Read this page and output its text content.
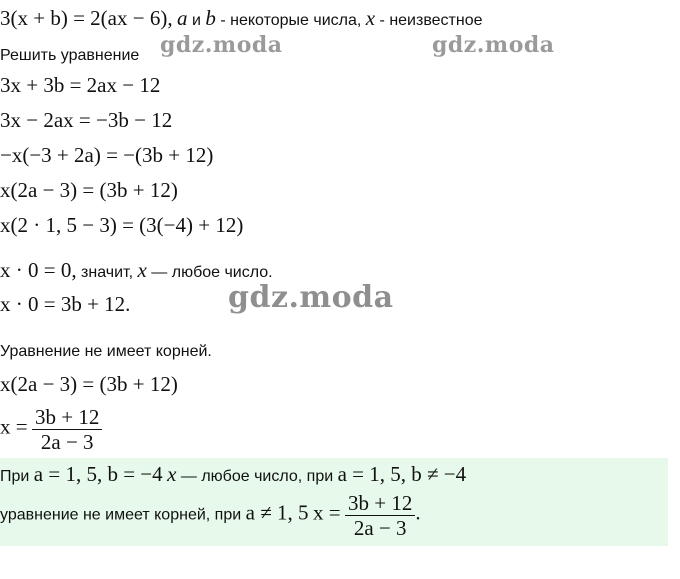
3(x + b) = 2(ax − 6), a и b - некоторые числа, x - неизвестное
Решить уравнение gdz.moda	gdz.moda
3x + 3b = 2ax − 12
3x − 2ax = −3b − 12
−x(−3 + 2a) = −(3b + 12)
x(2a − 3) = (3b + 12)
x(2 · 1, 5 − 3) = (3(−4) + 12)
x · 0 = 0, значит, x — любое число.
x · 0 = 3b + 12.	gdz.moda
Уравнение не имеет корней.
x(2a − 3) = (3b + 12)
$x = \frac{3b + 12}{2a - 3}$
При a = 1, 5, b = −4 x — любое число, при a = 1, 5, b ≠ −4
уравнение не имеет корней, при a ≠ 1, 5 $x = \frac{3b + 12}{2a - 3}$ .
